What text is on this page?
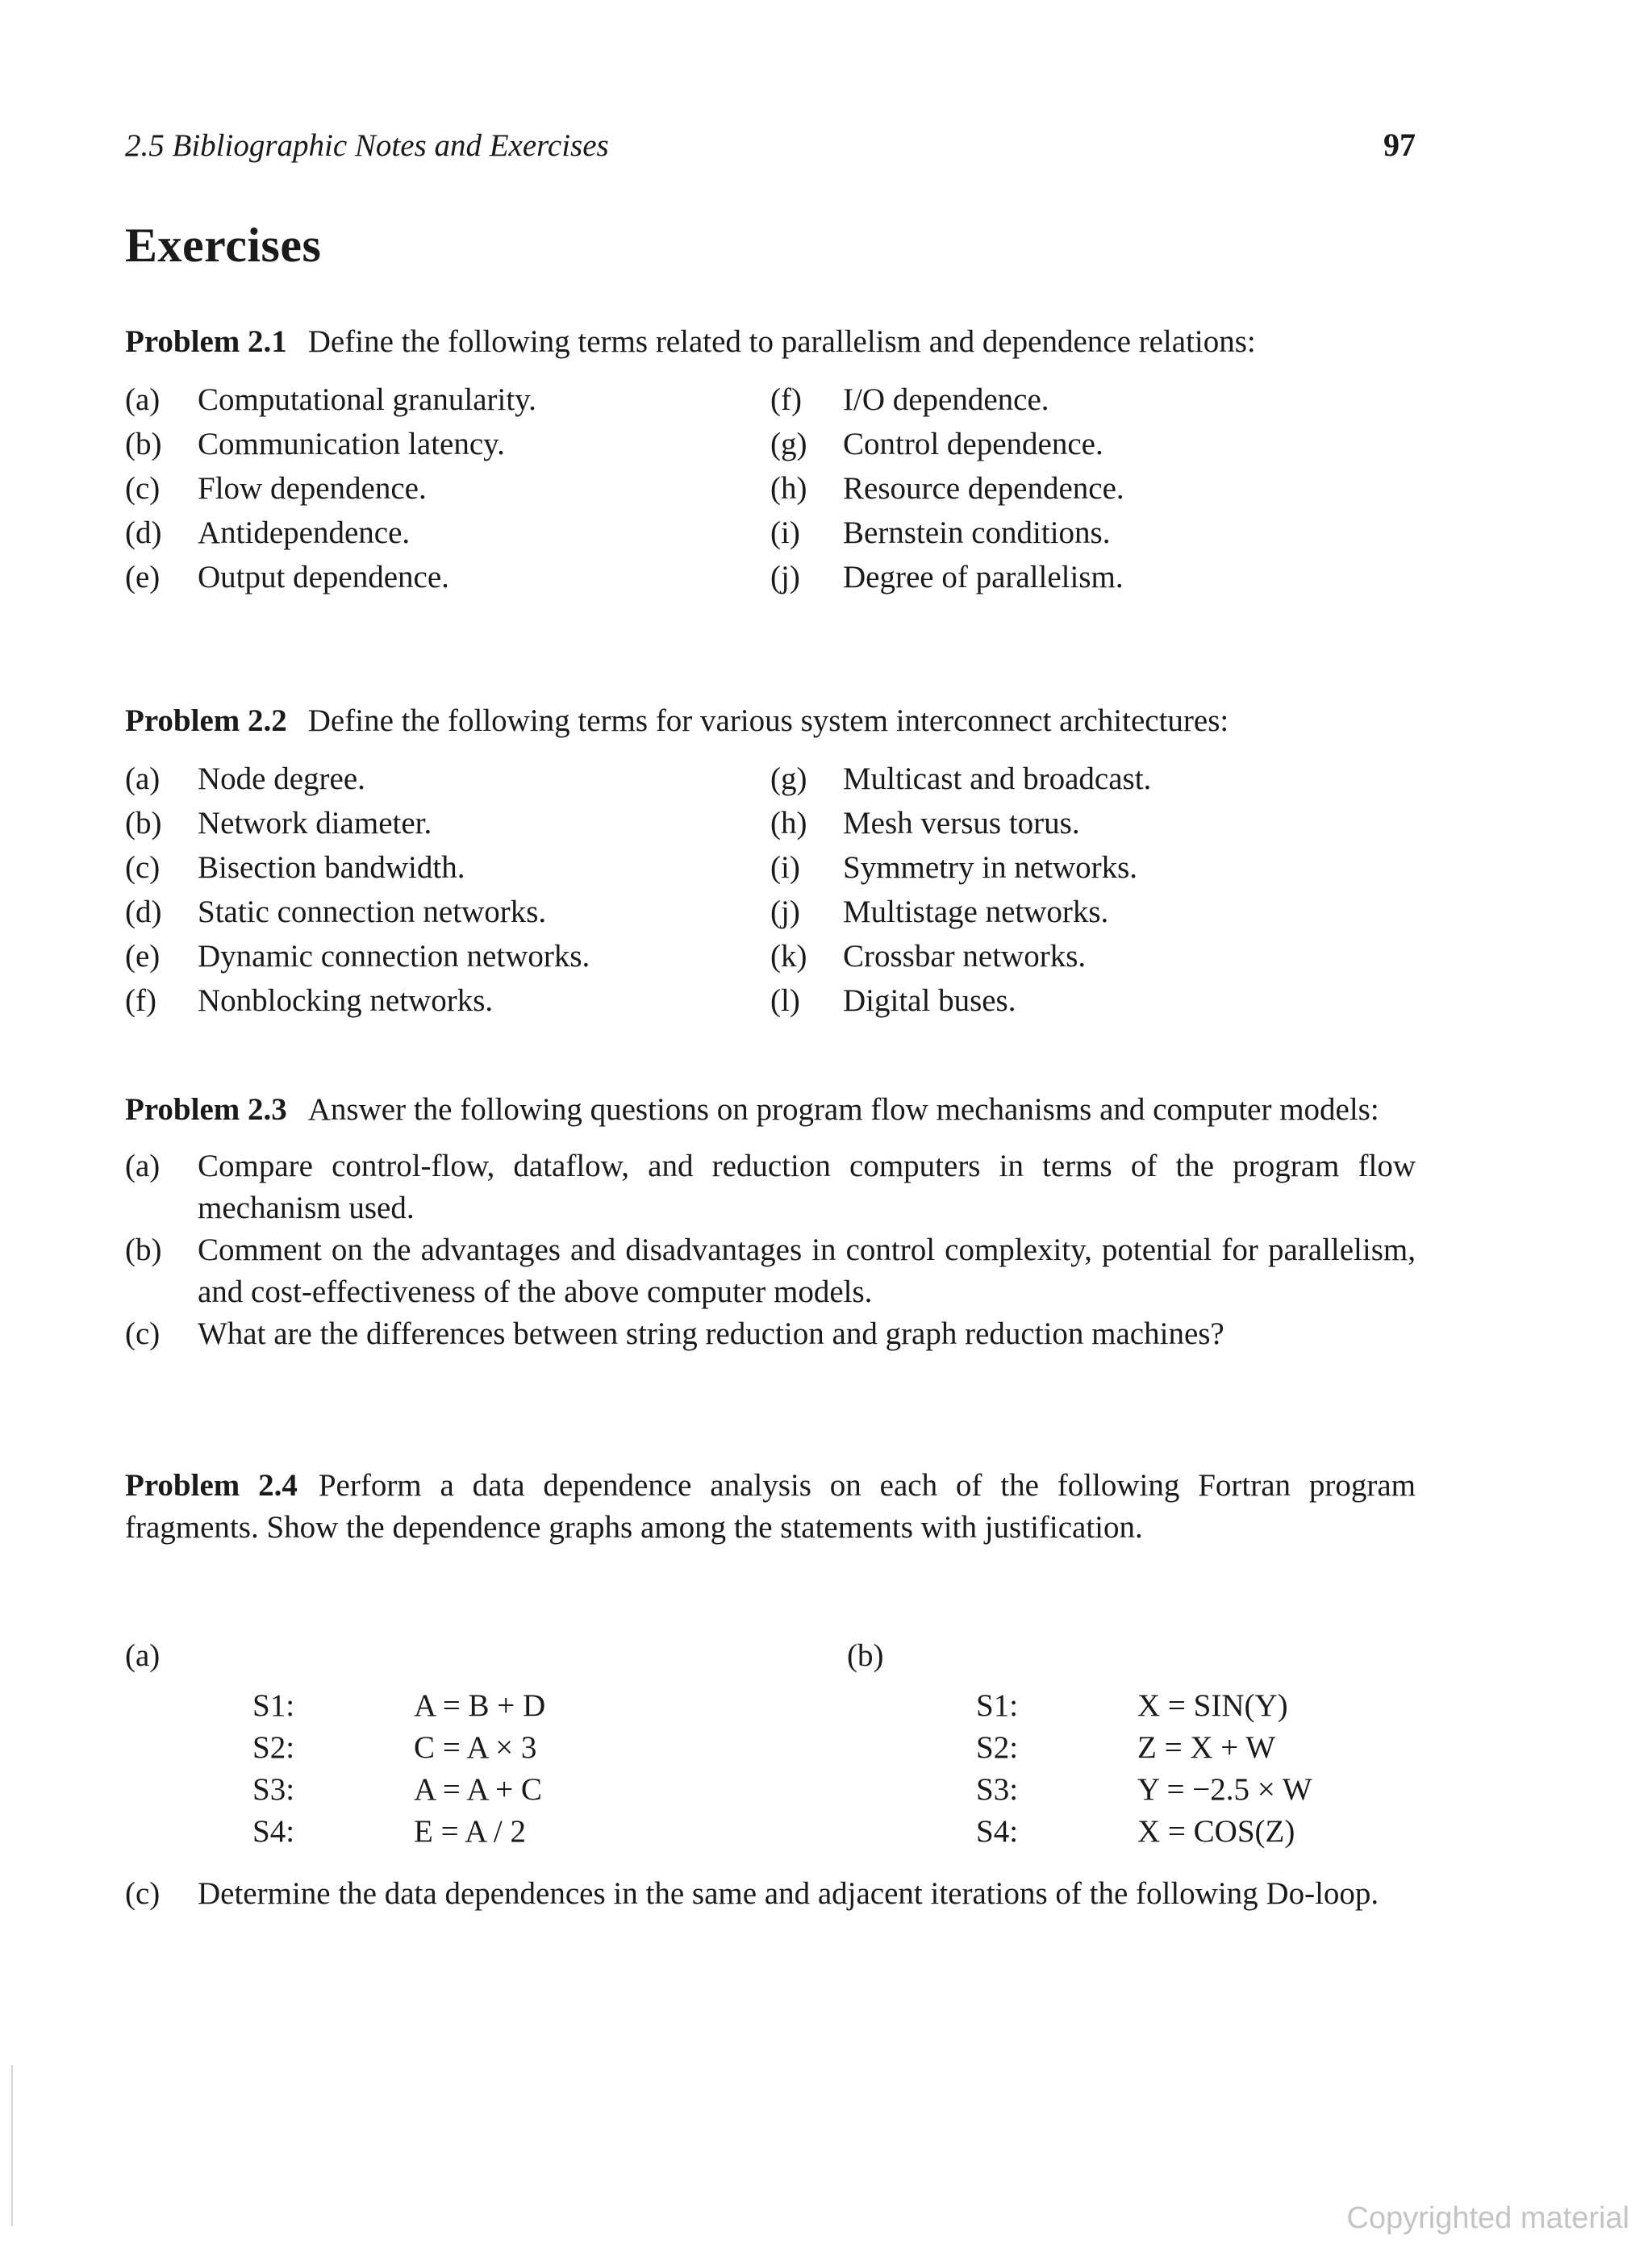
2.5 Bibliographic Notes and Exercises	97
Exercises
Problem 2.1 Define the following terms related to parallelism and dependence relations:
(a)	Computational granularity.
(b)	Communication latency.
(c)	Flow dependence.
(d)	Antidependence.
(e)	Output dependence.
(f)	I/O dependence.
(g)	Control dependence.
(h)	Resource dependence.
(i)	Bernstein conditions.
(j)	Degree of parallelism.
Problem 2.2 Define the following terms for various system interconnect architectures:
(a)	Node degree.
(b)	Network diameter.
(c)	Bisection bandwidth.
(d)	Static connection networks.
(e)	Dynamic connection networks.
(f)	Nonblocking networks.
(g)	Multicast and broadcast.
(h)	Mesh versus torus.
(i)	Symmetry in networks.
(j)	Multistage networks.
(k)	Crossbar networks.
(l)	Digital buses.
Problem 2.3 Answer the following questions on program flow mechanisms and computer models:
(a)	Compare control-flow, dataflow, and reduction computers in terms of the program flow mechanism used.
(b)	Comment on the advantages and disadvantages in control complexity, potential for parallelism, and cost-effectiveness of the above computer models.
(c)	What are the differences between string reduction and graph reduction machines?
Problem 2.4 Perform a data dependence analysis on each of the following Fortran program fragments. Show the dependence graphs among the statements with justification.
(a)	(b)
S1:	A = B + D
S2:	C = A × 3
S3:	A = A + C
S4:	E = A / 2
S1:	X = SIN(Y)
S2:	Z = X + W
S3:	Y = −2.5 × W
S4:	X = COS(Z)
(c)	Determine the data dependences in the same and adjacent iterations of the following Do-loop.
Copyrighted material
